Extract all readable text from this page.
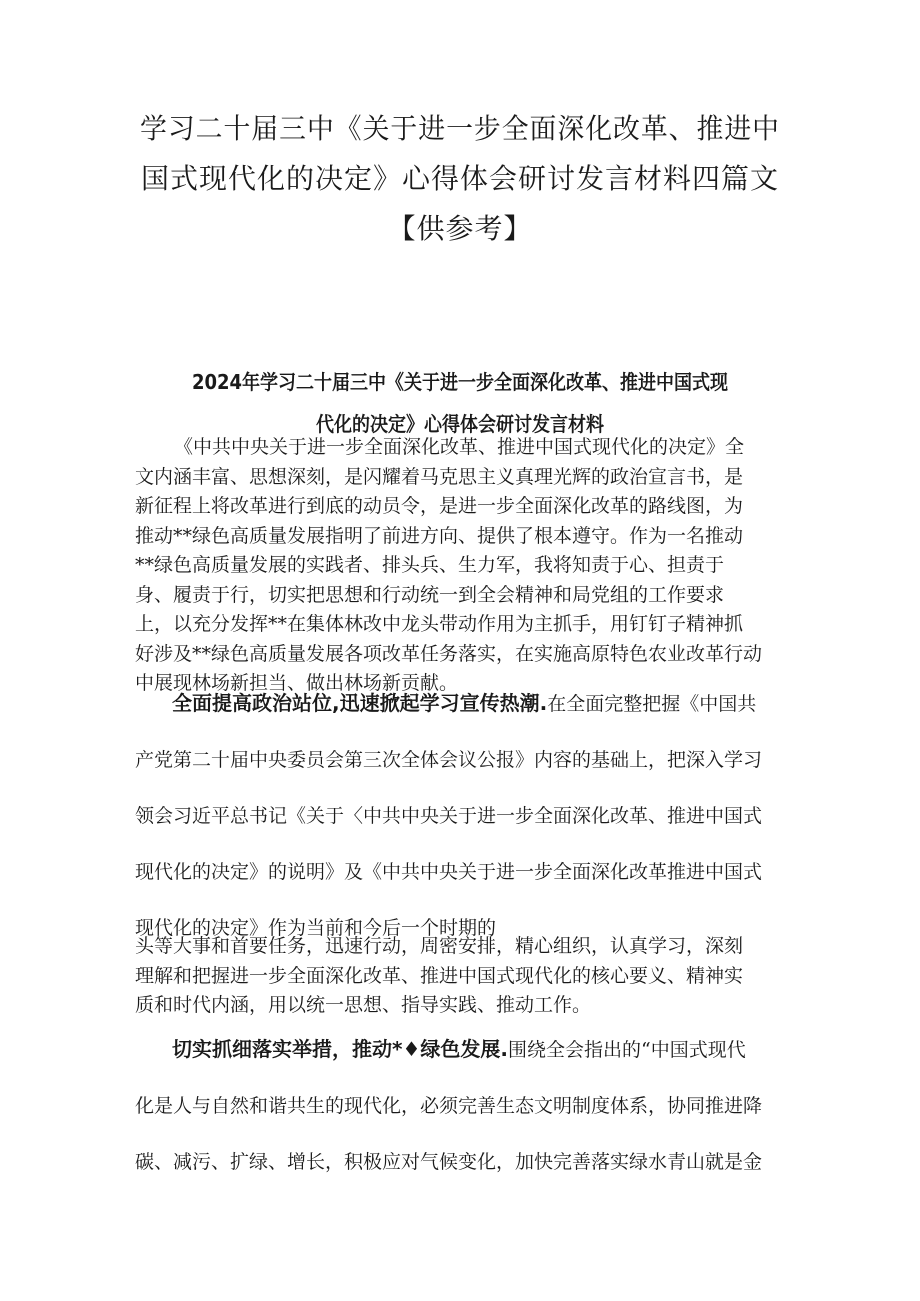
学习二十届三中《关于进一步全面深化改革、推进中
国式现代化的决定》心得体会研讨发言材料四篇文
【供参考】
2024年学习二十届三中《关于进一步全面深化改革、推进中国式现
代化的决定》心得体会研讨发言材料
《中共中央关于进一步全面深化改革、推进中国式现代化的决定》全
文内涵丰富、思想深刻，是闪耀着马克思主义真理光辉的政治宣言书，是
新征程上将改革进行到底的动员令，是进一步全面深化改革的路线图，为
推动**绿色高质量发展指明了前进方向、提供了根本遵守。作为一名推动
**绿色高质量发展的实践者、排头兵、生力军，我将知责于心、担责于
身、履责于行，切实把思想和行动统一到全会精神和局党组的工作要求
上，以充分发挥**在集体林改中龙头带动作用为主抓手，用钉钉子精神抓
好涉及**绿色高质量发展各项改革任务落实，在实施高原特色农业改革行动
中展现林场新担当、做出林场新贡献。
全面提高政治站位,迅速掀起学习宣传热潮.在全面完整把握《中国共
产党第二十届中央委员会第三次全体会议公报》内容的基础上，把深入学习
领会习近平总书记《关于〈中共中央关于进一步全面深化改革、推进中国式
现代化的决定》的说明》及《中共中央关于进一步全面深化改革推进中国式
现代化的决定》作为当前和今后一个时期的
头等大事和首要任务，迅速行动，周密安排，精心组织，认真学习，深刻
理解和把握进一步全面深化改革、推进中国式现代化的核心要义、精神实
质和时代内涵，用以统一思想、指导实践、推动工作。
切实抓细落实举措，推动*♦绿色发展.围绕全会指出的“中国式现代
化是人与自然和谐共生的现代化，必须完善生态文明制度体系，协同推进降
碳、减污、扩绿、增长，积极应对气候变化，加快完善落实绿水青山就是金
